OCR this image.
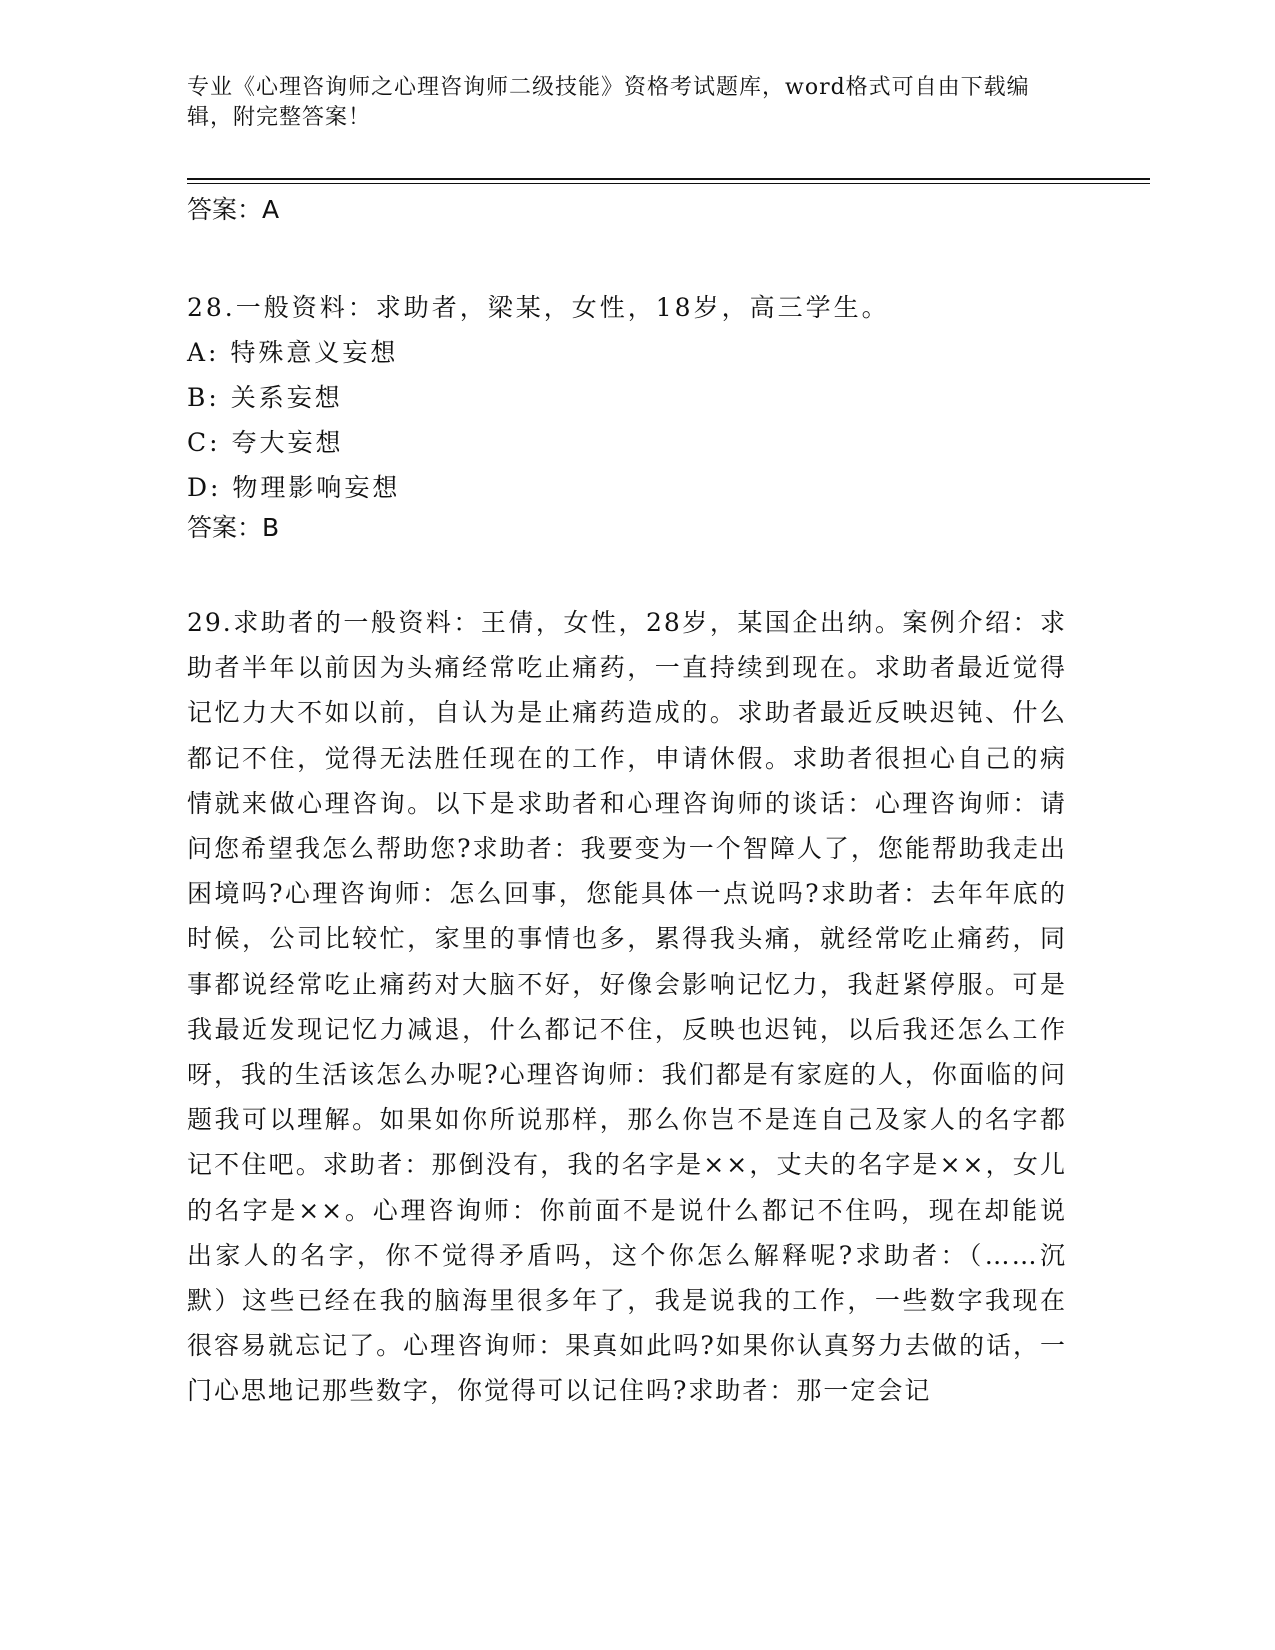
专业《心理咨询师之心理咨询师二级技能》资格考试题库，word格式可自由下载编辑，附完整答案！
答案：A
28.一般资料：求助者，梁某，女性，18岁，高三学生。
A: 特殊意义妄想
B: 关系妄想
C: 夸大妄想
D: 物理影响妄想
答案：B
29.求助者的一般资料：王倩，女性，28岁，某国企出纳。案例介绍：求助者半年以前因为头痛经常吃止痛药，一直持续到现在。求助者最近觉得记忆力大不如以前，自认为是止痛药造成的。求助者最近反映迟钝、什么都记不住，觉得无法胜任现在的工作，申请休假。求助者很担心自己的病情就来做心理咨询。以下是求助者和心理咨询师的谈话：心理咨询师：请问您希望我怎么帮助您?求助者：我要变为一个智障人了，您能帮助我走出困境吗?心理咨询师：怎么回事，您能具体一点说吗?求助者：去年年底的时候，公司比较忙，家里的事情也多，累得我头痛，就经常吃止痛药，同事都说经常吃止痛药对大脑不好，好像会影响记忆力，我赶紧停服。可是我最近发现记忆力减退，什么都记不住，反映也迟钝，以后我还怎么工作呀，我的生活该怎么办呢?心理咨询师：我们都是有家庭的人，你面临的问题我可以理解。如果如你所说那样，那么你岂不是连自己及家人的名字都记不住吧。求助者：那倒没有，我的名字是××，丈夫的名字是××，女儿的名字是××。心理咨询师：你前面不是说什么都记不住吗，现在却能说出家人的名字，你不觉得矛盾吗，这个你怎么解释呢?求助者：（……沉默）这些已经在我的脑海里很多年了，我是说我的工作，一些数字我现在很容易就忘记了。心理咨询师：果真如此吗?如果你认真努力去做的话，一门心思地记那些数字，你觉得可以记住吗?求助者：那一定会记
